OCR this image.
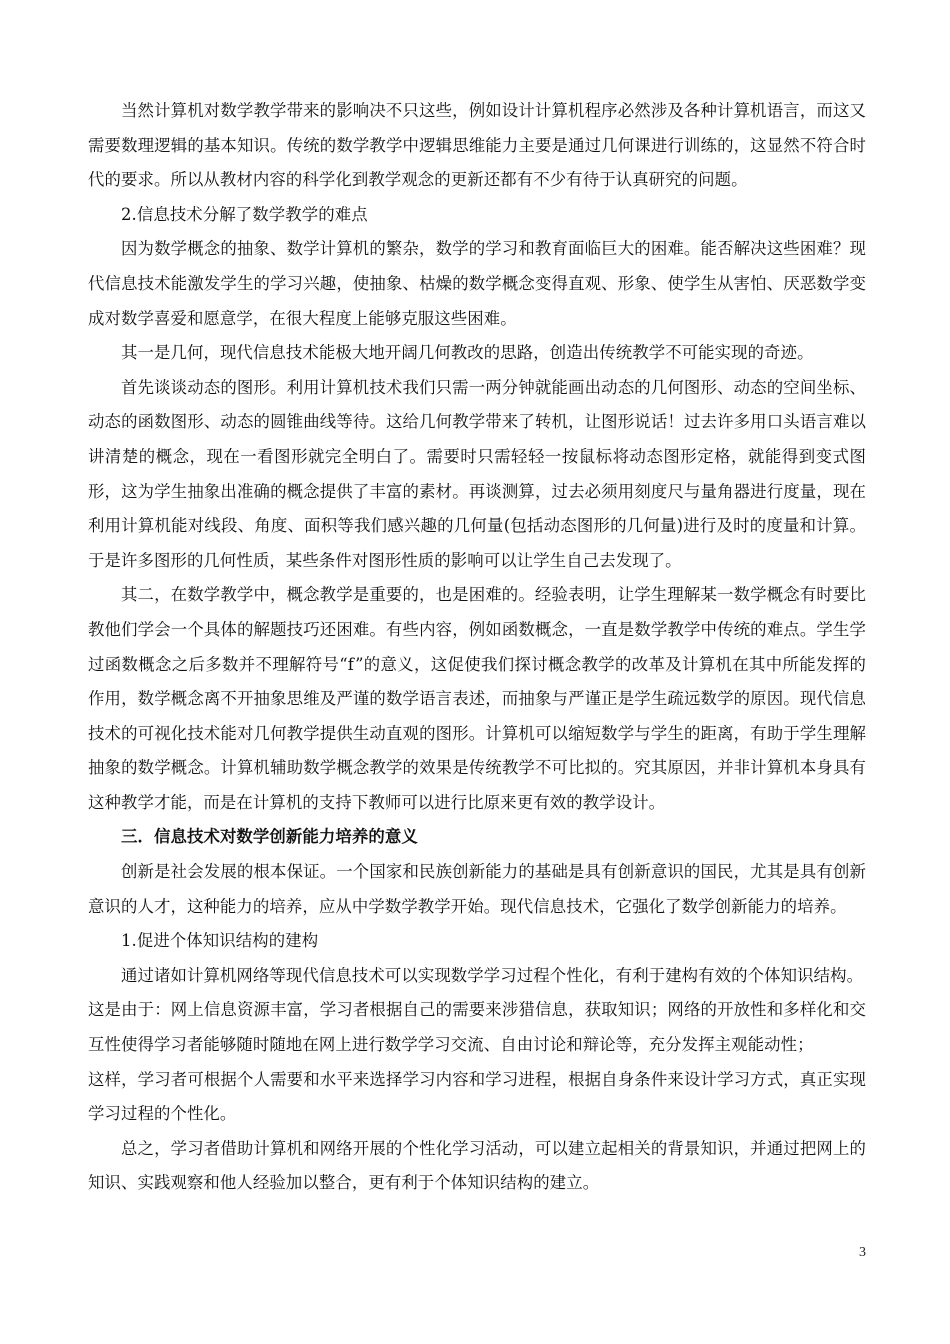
当然计算机对数学教学带来的影响决不只这些，例如设计计算机程序必然涉及各种计算机语言，而这又需要数理逻辑的基本知识。传统的数学教学中逻辑思维能力主要是通过几何课进行训练的，这显然不符合时代的要求。所以从教材内容的科学化到教学观念的更新还都有不少有待于认真研究的问题。

2.信息技术分解了数学教学的难点

因为数学概念的抽象、数学计算机的繁杂，数学的学习和教育面临巨大的困难。能否解决这些困难？现代信息技术能激发学生的学习兴趣，使抽象、枯燥的数学概念变得直观、形象、使学生从害怕、厌恶数学变成对数学喜爱和愿意学，在很大程度上能够克服这些困难。

其一是几何，现代信息技术能极大地开阔几何教改的思路，创造出传统教学不可能实现的奇迹。

首先谈谈动态的图形。利用计算机技术我们只需一两分钟就能画出动态的几何图形、动态的空间坐标、动态的函数图形、动态的圆锥曲线等待。这给几何教学带来了转机，让图形说话！过去许多用口头语言难以讲清楚的概念，现在一看图形就完全明白了。需要时只需轻轻一按鼠标将动态图形定格，就能得到变式图形，这为学生抽象出准确的概念提供了丰富的素材。再谈测算，过去必须用刻度尺与量角器进行度量，现在利用计算机能对线段、角度、面积等我们感兴趣的几何量(包括动态图形的几何量)进行及时的度量和计算。于是许多图形的几何性质，某些条件对图形性质的影响可以让学生自己去发现了。

其二，在数学教学中，概念教学是重要的，也是困难的。经验表明，让学生理解某一数学概念有时要比教他们学会一个具体的解题技巧还困难。有些内容，例如函数概念，一直是数学教学中传统的难点。学生学过函数概念之后多数并不理解符号“f”的意义，这促使我们探讨概念教学的改革及计算机在其中所能发挥的作用，数学概念离不开抽象思维及严谨的数学语言表述，而抽象与严谨正是学生疏远数学的原因。现代信息技术的可视化技术能对几何教学提供生动直观的图形。计算机可以缩短数学与学生的距离，有助于学生理解抽象的数学概念。计算机辅助数学概念教学的效果是传统教学不可比拟的。究其原因，并非计算机本身具有这种教学才能，而是在计算机的支持下教师可以进行比原来更有效的教学设计。

三．信息技术对数学创新能力培养的意义

创新是社会发展的根本保证。一个国家和民族创新能力的基础是具有创新意识的国民，尤其是具有创新意识的人才，这种能力的培养，应从中学数学教学开始。现代信息技术，它强化了数学创新能力的培养。

1.促进个体知识结构的建构

通过诸如计算机网络等现代信息技术可以实现数学学习过程个性化，有利于建构有效的个体知识结构。

这是由于：网上信息资源丰富，学习者根据自己的需要来涉猎信息，获取知识；网络的开放性和多样化和交互性使得学习者能够随时随地在网上进行数学学习交流、自由讨论和辩论等，充分发挥主观能动性；

这样，学习者可根据个人需要和水平来选择学习内容和学习进程，根据自身条件来设计学习方式，真正实现学习过程的个性化。

总之，学习者借助计算机和网络开展的个性化学习活动，可以建立起相关的背景知识，并通过把网上的知识、实践观察和他人经验加以整合，更有利于个体知识结构的建立。

3
